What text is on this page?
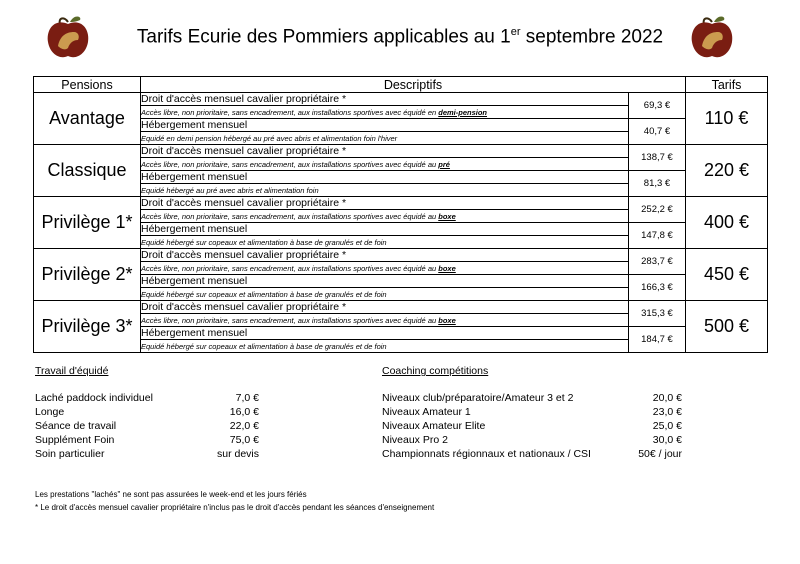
Tarifs Ecurie des Pommiers applicables au 1er septembre 2022
Pensions	Descriptifs		Tarifs
Avantage	Droit d'accès mensuel cavalier propriétaire *	69,3 €	110 €
	Accès libre, non prioritaire, sans encadrement, aux installations sportives avec équidé en demi-pension		
	Hébergement mensuel	40,7 €	
	Equidé en demi pension hébergé au pré avec abris et alimentation foin l'hiver		
Classique	Droit d'accès mensuel cavalier propriétaire *	138,7 €	220 €
	Accès libre, non prioritaire, sans encadrement, aux installations sportives avec équidé au pré		
	Hébergement mensuel	81,3 €	
	Equidé hébergé au pré avec abris et alimentation foin		
Privilège 1*	Droit d'accès mensuel cavalier propriétaire *	252,2 €	400 €
	Accès libre, non prioritaire, sans encadrement, aux installations sportives avec équidé au boxe		
	Hébergement mensuel	147,8 €	
	Equidé hébergé sur copeaux et alimentation à base de granulés et de foin		
Privilège 2*	Droit d'accès mensuel cavalier propriétaire *	283,7 €	450 €
	Accès libre, non prioritaire, sans encadrement, aux installations sportives avec équidé au boxe		
	Hébergement mensuel	166,3 €	
	Equidé hébergé sur copeaux et alimentation à base de granulés et de foin		
Privilège 3*	Droit d'accès mensuel cavalier propriétaire *	315,3 €	500 €
	Accès libre, non prioritaire, sans encadrement, aux installations sportives avec équidé au boxe		
	Hébergement mensuel	184,7 €	
	Equidé hébergé sur copeaux et alimentation à base de granulés et de foin		
Travail d'équidé
Laché paddock individuel	7,0 €
Longe	16,0 €
Séance de travail	22,0 €
Supplément Foin	75,0 €
Soin particulier	sur devis
Coaching compétitions
Niveaux club/préparatoire/Amateur 3 et 2	20,0 €
Niveaux Amateur 1	23,0 €
Niveaux Amateur Elite	25,0 €
Niveaux Pro 2	30,0 €
Championnats régionnaux et nationaux / CSI	50€ / jour
Les prestations "lachés" ne sont pas assurées le week-end et les jours fériés
* Le droit d'accès mensuel cavalier propriétaire n'inclus pas le droit d'accès pendant les séances d'enseignement
